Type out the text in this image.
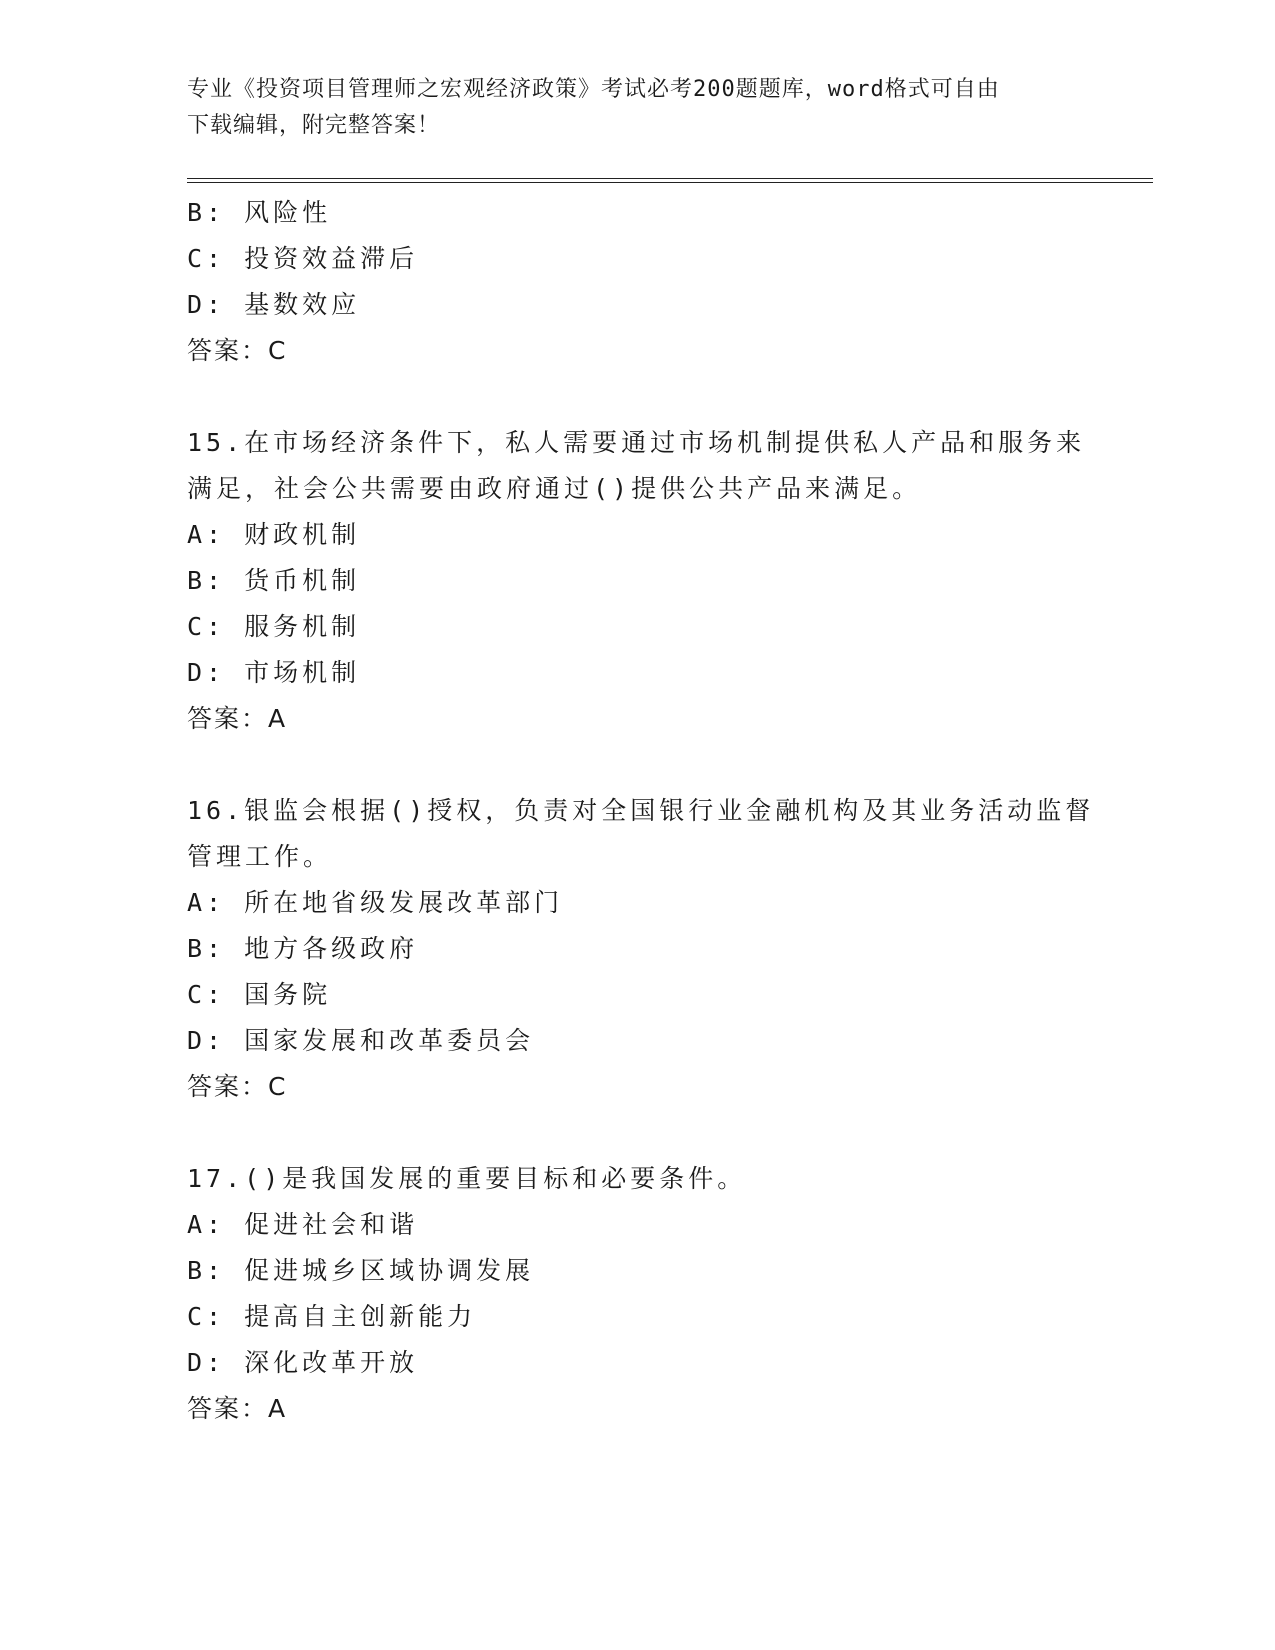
专业《投资项目管理师之宏观经济政策》考试必考200题题库，word格式可自由
下载编辑，附完整答案！
B: 风险性
C: 投资效益滞后
D: 基数效应
答案：C
15.在市场经济条件下，私人需要通过市场机制提供私人产品和服务来
满足，社会公共需要由政府通过()提供公共产品来满足。
A: 财政机制
B: 货币机制
C: 服务机制
D: 市场机制
答案：A
16.银监会根据()授权，负责对全国银行业金融机构及其业务活动监督
管理工作。
A: 所在地省级发展改革部门
B: 地方各级政府
C: 国务院
D: 国家发展和改革委员会
答案：C
17.()是我国发展的重要目标和必要条件。
A: 促进社会和谐
B: 促进城乡区域协调发展
C: 提高自主创新能力
D: 深化改革开放
答案：A
